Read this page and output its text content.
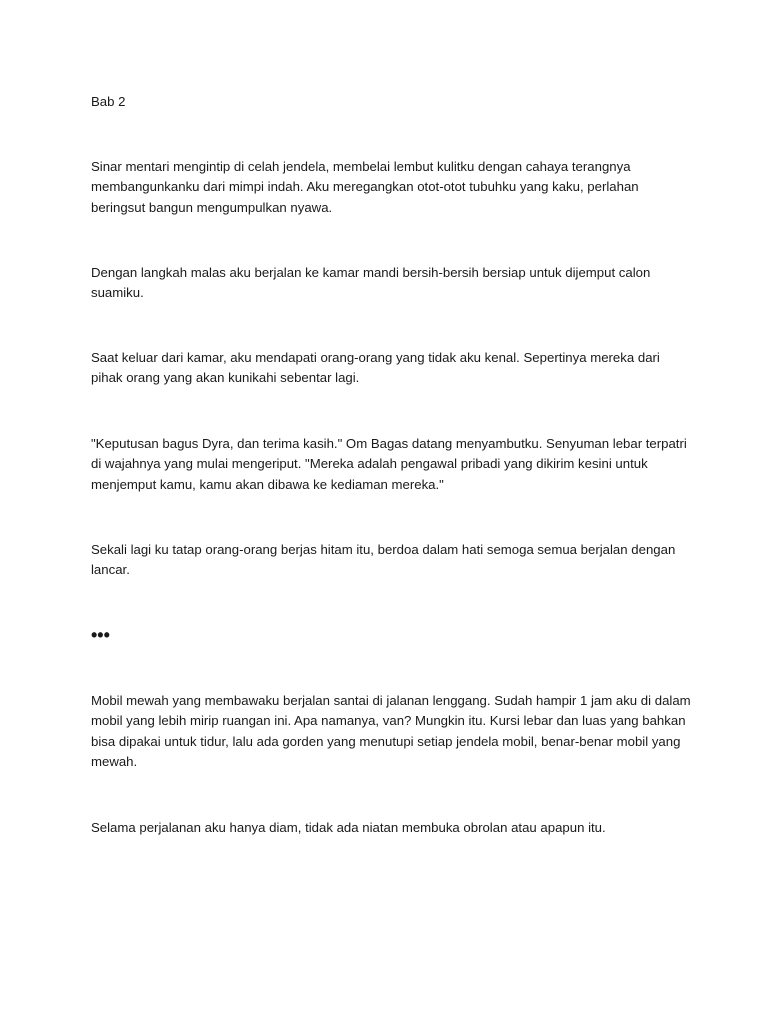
Bab 2

Sinar mentari mengintip di celah jendela, membelai lembut kulitku dengan cahaya terangnya membangunkanku dari mimpi indah. Aku meregangkan otot-otot tubuhku yang kaku, perlahan beringsut bangun mengumpulkan nyawa.

Dengan langkah malas aku berjalan ke kamar mandi bersih-bersih bersiap untuk dijemput calon suamiku.

Saat keluar dari kamar, aku mendapati orang-orang yang tidak aku kenal. Sepertinya mereka dari pihak orang yang akan kunikahi sebentar lagi.

"Keputusan bagus Dyra, dan terima kasih." Om Bagas datang menyambutku. Senyuman lebar terpatri di wajahnya yang mulai mengeriput. "Mereka adalah pengawal pribadi yang dikirim kesini untuk menjemput kamu, kamu akan dibawa ke kediaman mereka."

Sekali lagi ku tatap orang-orang berjas hitam itu, berdoa dalam hati semoga semua berjalan dengan lancar.

•••

Mobil mewah yang membawaku berjalan santai di jalanan lenggang. Sudah hampir 1 jam aku di dalam mobil yang lebih mirip ruangan ini. Apa namanya, van? Mungkin itu. Kursi lebar dan luas yang bahkan bisa dipakai untuk tidur, lalu ada gorden yang menutupi setiap jendela mobil, benar-benar mobil yang mewah.

Selama perjalanan aku hanya diam, tidak ada niatan membuka obrolan atau apapun itu.
